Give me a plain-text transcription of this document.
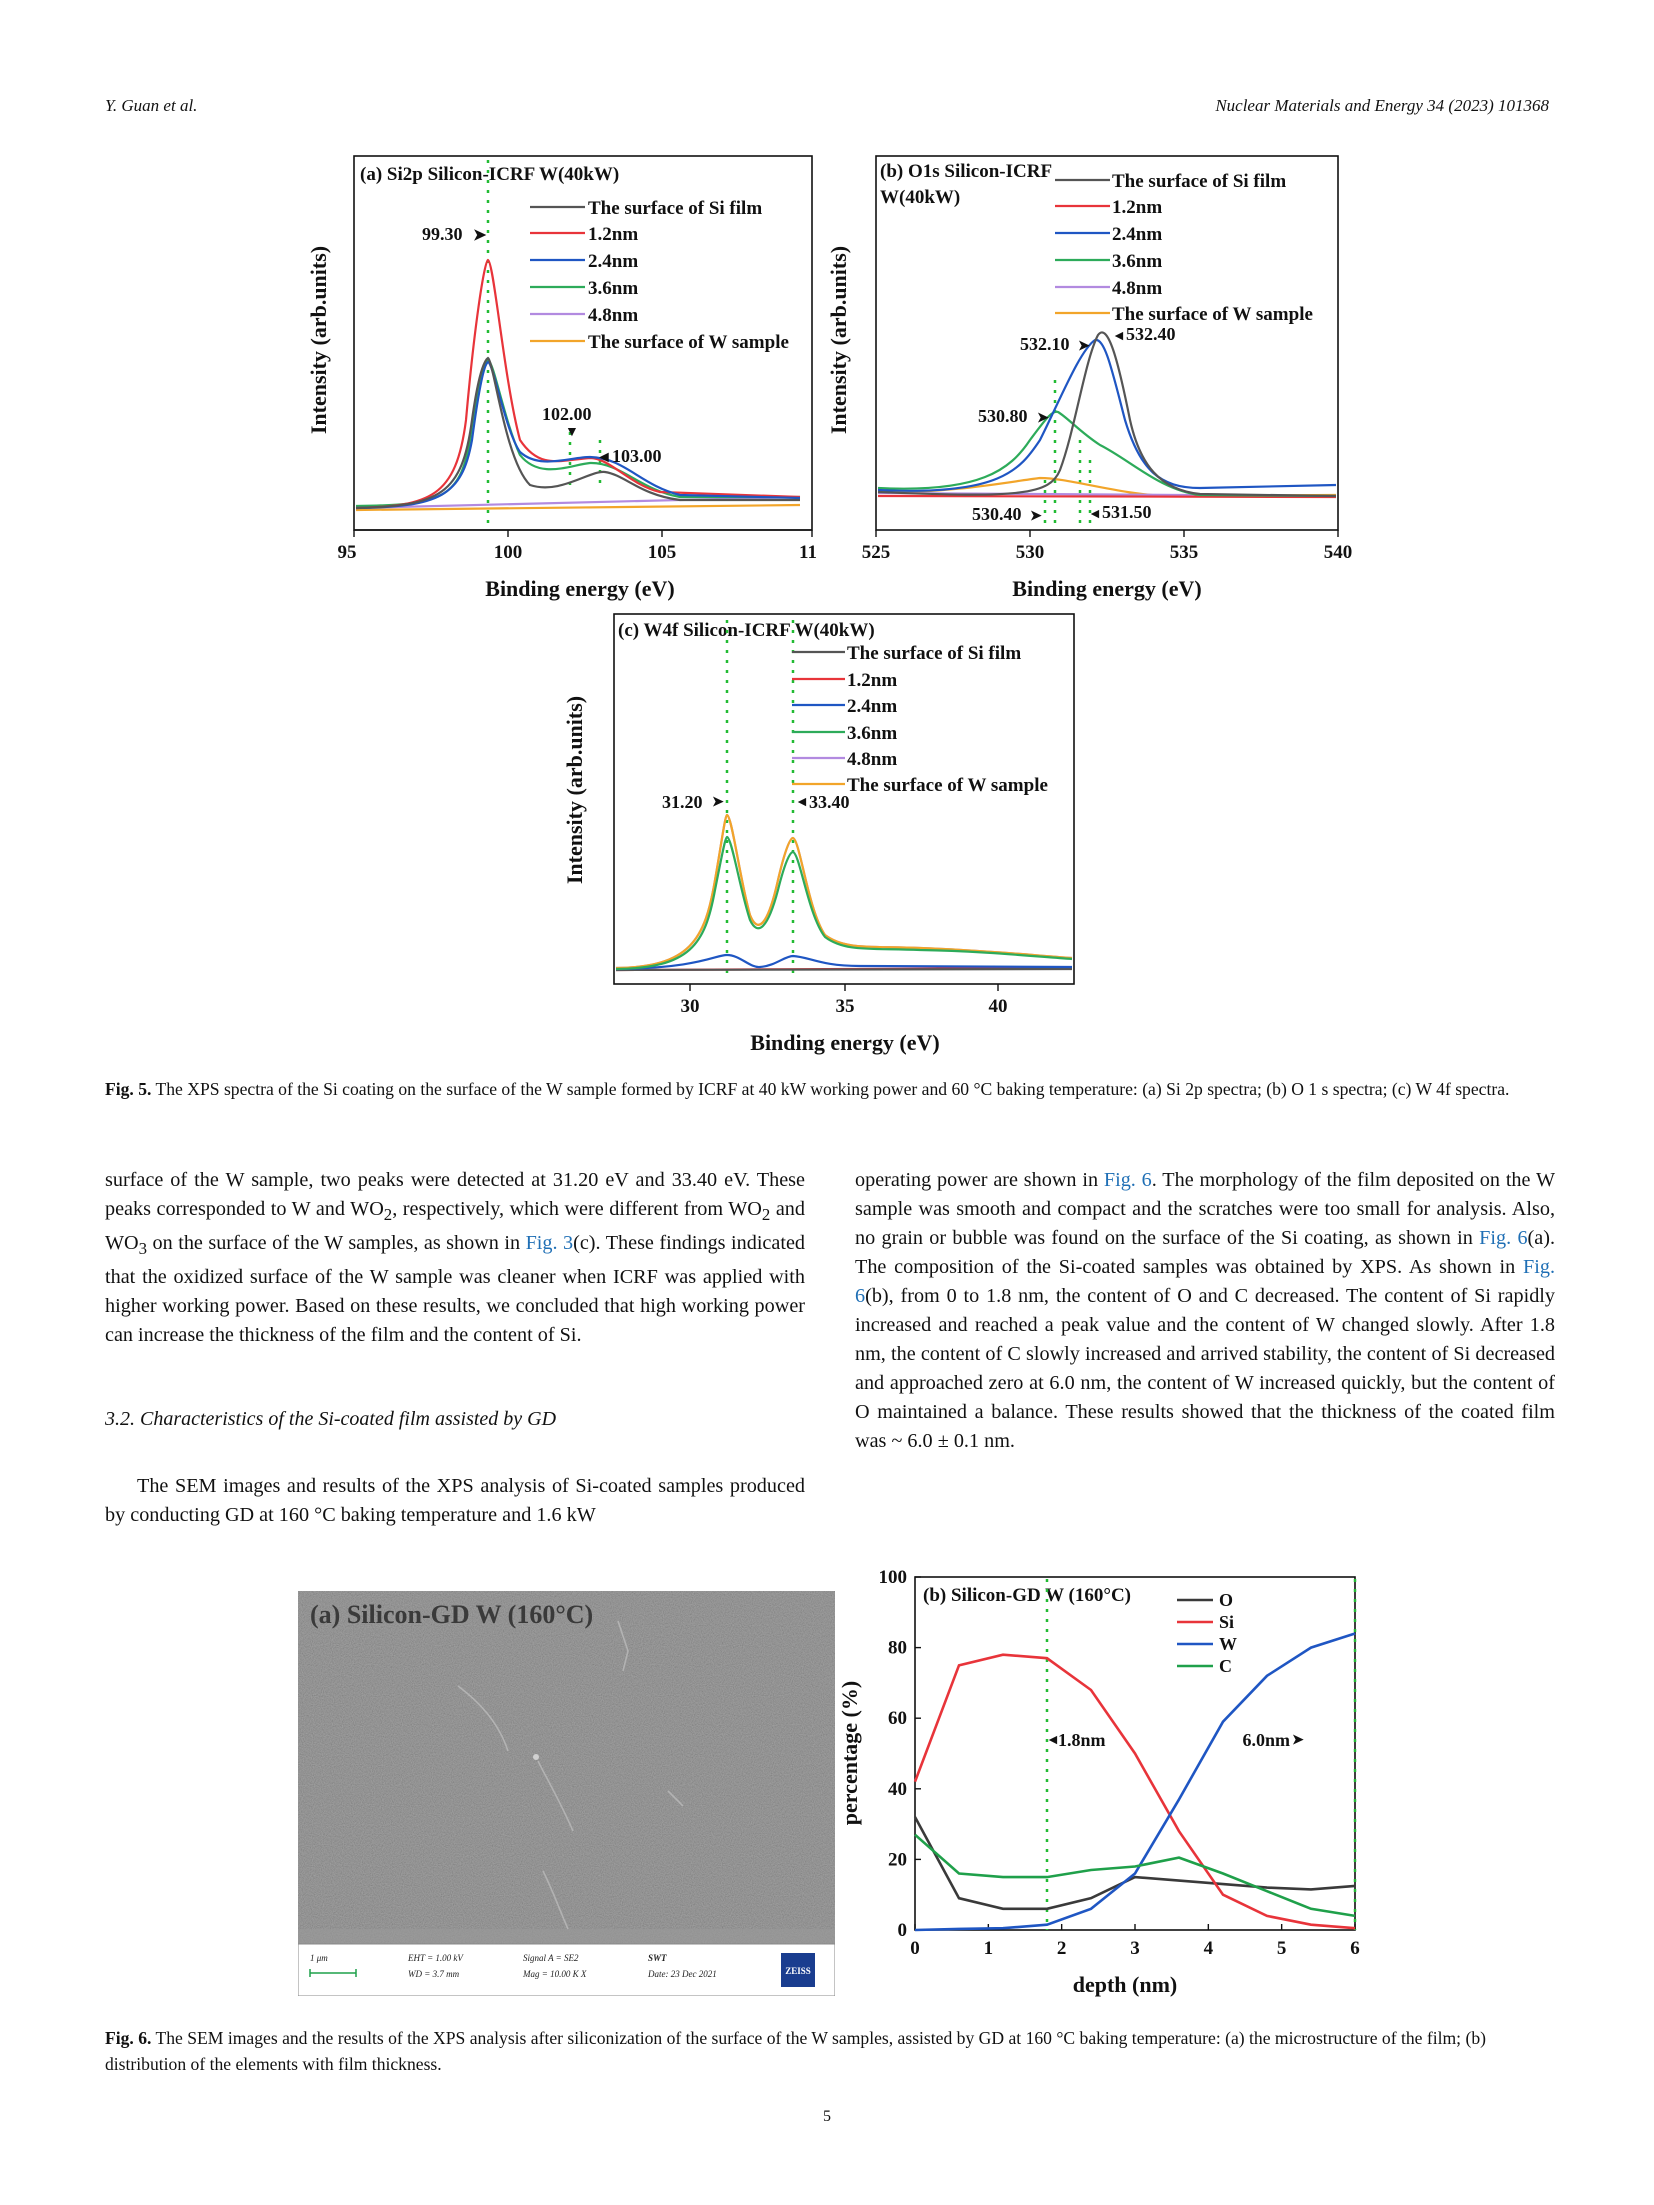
Y. Guan et al.	Nuclear Materials and Energy 34 (2023) 101368
95	100	105	11
Binding energy (eV)
Intensity (arb.units)
(a) Si2p Silicon-ICRF W(40kW)
The surface of Si film
1.2nm
2.4nm
3.6nm
4.8nm
The surface of W sample
99.30 ➤
102.00
▼
◄ 103.00
525	530	535	540
Binding energy (eV)
Intensity (arb.units)
(b) O1s Silicon-ICRF
W(40kW)
The surface of Si film
1.2nm
2.4nm
3.6nm
4.8nm
The surface of W sample
532.10 ➤
◄ 532.40
530.80 ➤
530.40 ➤	◄ 531.50
30	35	40
Binding energy (eV)
Intensity (arb.units)
(c) W4f Silicon-ICRF W(40kW)
The surface of Si film
1.2nm
2.4nm
3.6nm
4.8nm
The surface of W sample
31.20 ➤	◄ 33.40
Fig. 5. The XPS spectra of the Si coating on the surface of the W sample formed by ICRF at 40 kW working power and 60 °C baking temperature: (a) Si 2p spectra; (b) O 1 s spectra; (c) W 4f spectra.

surface of the W sample, two peaks were detected at 31.20 eV and 33.40 eV. These peaks corresponded to W and $WO_2$, respectively, which were different from $WO_2$ and $WO_3$ on the surface of the W samples, as shown in Fig. 3(c). These findings indicated that the oxidized surface of the W sample was cleaner when ICRF was applied with higher working power. Based on these results, we concluded that high working power can increase the thickness of the film and the content of Si.

3.2. Characteristics of the Si-coated film assisted by GD

The SEM images and results of the XPS analysis of Si-coated samples produced by conducting GD at 160 °C baking temperature and 1.6 kW

operating power are shown in Fig. 6. The morphology of the film deposited on the W sample was smooth and compact and the scratches were too small for analysis. Also, no grain or bubble was found on the surface of the Si coating, as shown in Fig. 6(a). The composition of the Si-coated samples was obtained by XPS. As shown in Fig. 6(b), from 0 to 1.8 nm, the content of O and C decreased. The content of Si rapidly increased and reached a peak value and the content of W changed slowly. After 1.8 nm, the content of C slowly increased and arrived stability, the content of Si decreased and approached zero at 6.0 nm, the content of W increased quickly, but the content of O maintained a balance. These results showed that the thickness of the coated film was ~ 6.0 ± 0.1 nm.

(a) Silicon-GD W (160°C)
1 μm	EHT = 1.00 kV
WD = 3.7 mm
Signal A = SE2
Mag = 10.00 K X
SWT
Date: 23 Dec 2021	ZEISS
(b) Silicon-GD W (160°C)
depth (nm)
percentage (%)	1.8nm
◄	6.0nm ➤
0	1	2	3	4	5	6
0
20
40
60
80
100
O
Si
W
C
Fig. 6. The SEM images and the results of the XPS analysis after siliconization of the surface of the W samples, assisted by GD at 160 °C baking temperature: (a) the microstructure of the film; (b) distribution of the elements with film thickness.
5
